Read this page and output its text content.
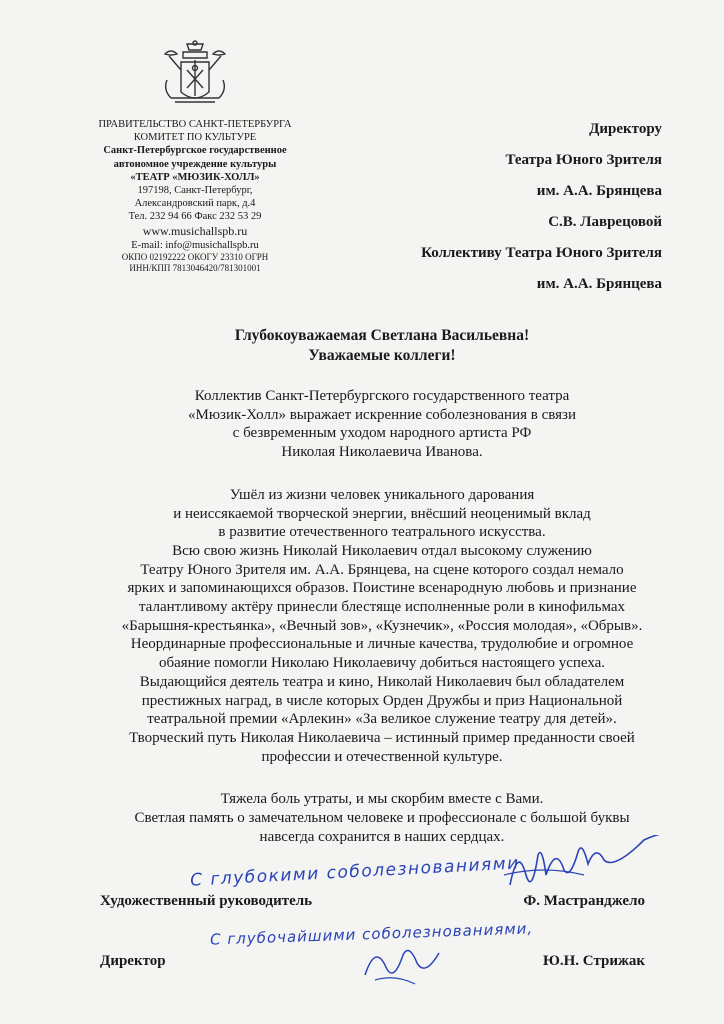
ПРАВИТЕЛЬСТВО САНКТ-ПЕТЕРБУРГА
КОМИТЕТ ПО КУЛЬТУРЕ
Санкт-Петербургское государственное
автономное учреждение культуры
«ТЕАТР «МЮЗИК-ХОЛЛ»
197198, Санкт-Петербург,
Александровский парк, д.4
Тел. 232 94 66 Факс 232 53 29
www.musichallspb.ru
E-mail: info@musichallspb.ru
ОКПО 02192222 ОКОГУ 23310 ОГРН
ИНН/КПП 7813046420/781301001
Директору
Театра Юного Зрителя
им. А.А. Брянцева
С.В. Лаврецовой
Коллективу Театра Юного Зрителя
им. А.А. Брянцева
Глубокоуважаемая Светлана Васильевна!
Уважаемые коллеги!
Коллектив Санкт-Петербургского государственного театра
«Мюзик-Холл» выражает искренние соболезнования в связи
с безвременным уходом народного артиста РФ
Николая Николаевича Иванова.
Ушёл из жизни человек уникального дарования
и неиссякаемой творческой энергии, внёсший неоценимый вклад
в развитие отечественного театрального искусства.
Всю свою жизнь Николай Николаевич отдал высокому служению
Театру Юного Зрителя им. А.А. Брянцева, на сцене которого создал немало
ярких и запоминающихся образов. Поистине всенародную любовь и признание
талантливому актёру принесли блестяще исполненные роли в кинофильмах
«Барышня-крестьянка», «Вечный зов», «Кузнечик», «Россия молодая», «Обрыв».
Неординарные профессиональные и личные качества, трудолюбие и огромное
обаяние помогли Николаю Николаевичу добиться настоящего успеха.
Выдающийся деятель театра и кино, Николай Николаевич был обладателем
престижных наград, в числе которых Орден Дружбы и приз Национальной
театральной премии «Арлекин» «За великое служение театру для детей».
Творческий путь Николая Николаевича – истинный пример преданности своей
профессии и отечественной культуре.
Тяжела боль утраты, и мы скорбим вместе с Вами.
Светлая память о замечательном человеке и профессионале с большой буквы
навсегда сохранится в наших сердцах.
С глубокими соболезнованиями
С глубочайшими соболезнованиями,
Художественный руководитель	Ф. Мастранджело
Директор	Ю.Н. Стрижак
